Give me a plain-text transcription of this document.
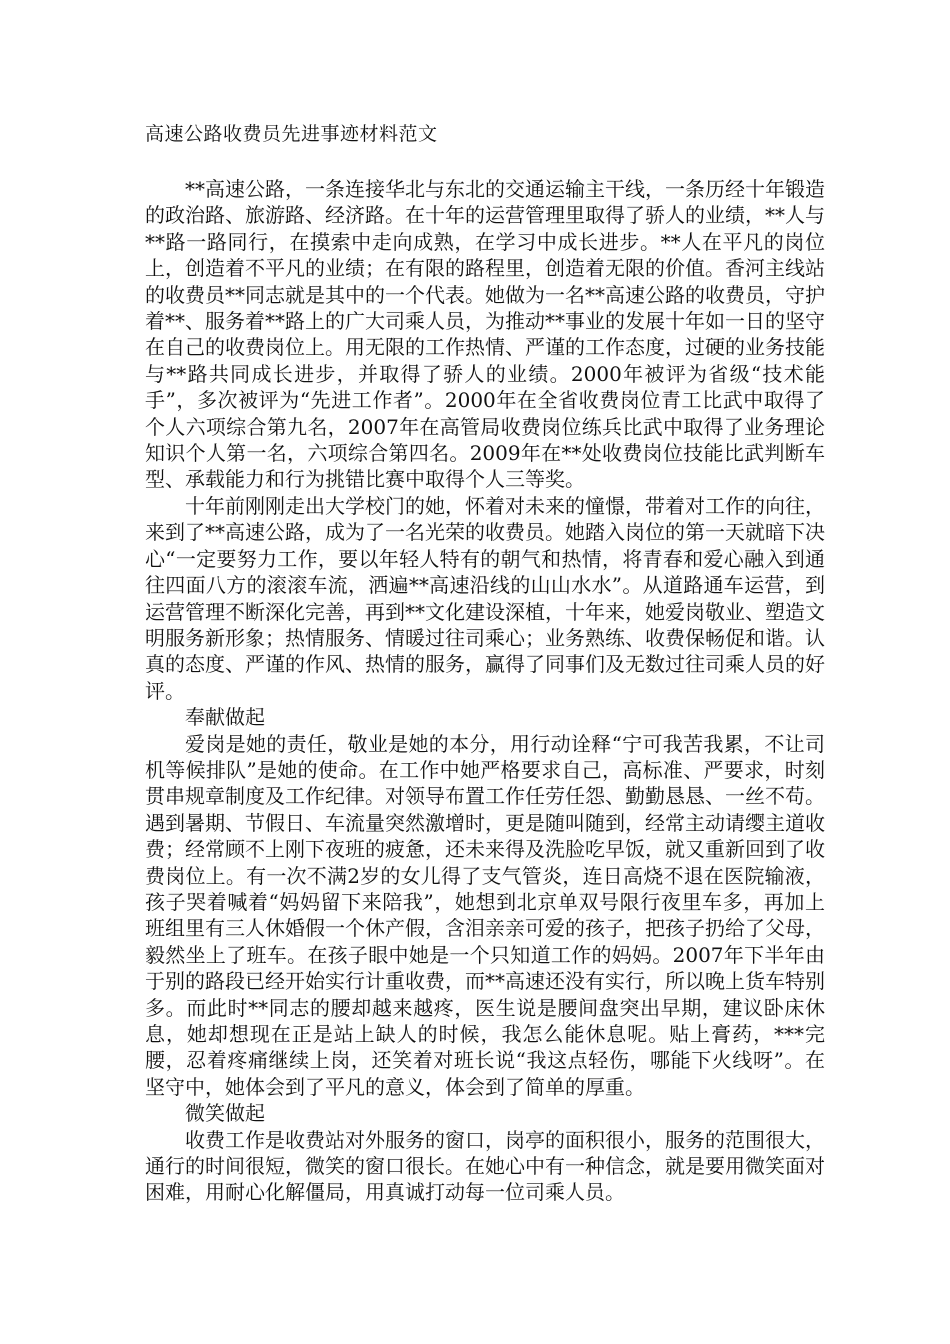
高速公路收费员先进事迹材料范文

**高速公路，一条连接华北与东北的交通运输主干线，一条历经十年锻造的政治路、旅游路、经济路。在十年的运营管理里取得了骄人的业绩，**人与**路一路同行，在摸索中走向成熟，在学习中成长进步。**人在平凡的岗位上，创造着不平凡的业绩；在有限的路程里，创造着无限的价值。香河主线站的收费员**同志就是其中的一个代表。她做为一名**高速公路的收费员，守护着**、服务着**路上的广大司乘人员，为推动**事业的发展十年如一日的坚守在自己的收费岗位上。用无限的工作热情、严谨的工作态度，过硬的业务技能与**路共同成长进步，并取得了骄人的业绩。2000年被评为省级“技术能手”，多次被评为“先进工作者”。2000年在全省收费岗位青工比武中取得了个人六项综合第九名，2007年在高管局收费岗位练兵比武中取得了业务理论知识个人第一名，六项综合第四名。2009年在**处收费岗位技能比武判断车型、承载能力和行为挑错比赛中取得个人三等奖。

十年前刚刚走出大学校门的她，怀着对未来的憧憬，带着对工作的向往，来到了**高速公路，成为了一名光荣的收费员。她踏入岗位的第一天就暗下决心“一定要努力工作，要以年轻人特有的朝气和热情，将青春和爱心融入到通往四面八方的滚滚车流，洒遍**高速沿线的山山水水”。从道路通车运营，到运营管理不断深化完善，再到**文化建设深植，十年来，她爱岗敬业、塑造文明服务新形象；热情服务、情暖过往司乘心；业务熟练、收费保畅促和谐。认真的态度、严谨的作风、热情的服务，赢得了同事们及无数过往司乘人员的好评。

奉献做起

爱岗是她的责任，敬业是她的本分，用行动诠释“宁可我苦我累，不让司机等候排队”是她的使命。在工作中她严格要求自己，高标准、严要求，时刻贯串规章制度及工作纪律。对领导布置工作任劳任怨、勤勤恳恳、一丝不苟。遇到暑期、节假日、车流量突然激增时，更是随叫随到，经常主动请缨主道收费；经常顾不上刚下夜班的疲惫，还未来得及洗脸吃早饭，就又重新回到了收费岗位上。有一次不满2岁的女儿得了支气管炎，连日高烧不退在医院输液，孩子哭着喊着“妈妈留下来陪我”，她想到北京单双号限行夜里车多，再加上班组里有三人休婚假一个休产假，含泪亲亲可爱的孩子，把孩子扔给了父母，毅然坐上了班车。在孩子眼中她是一个只知道工作的妈妈。2007年下半年由于别的路段已经开始实行计重收费，而**高速还没有实行，所以晚上货车特别多。而此时**同志的腰却越来越疼，医生说是腰间盘突出早期，建议卧床休息，她却想现在正是站上缺人的时候，我怎么能休息呢。贴上膏药，***完腰，忍着疼痛继续上岗，还笑着对班长说“我这点轻伤，哪能下火线呀”。在坚守中，她体会到了平凡的意义，体会到了简单的厚重。

微笑做起

收费工作是收费站对外服务的窗口，岗亭的面积很小，服务的范围很大，通行的时间很短，微笑的窗口很长。在她心中有一种信念，就是要用微笑面对困难，用耐心化解僵局，用真诚打动每一位司乘人员。
